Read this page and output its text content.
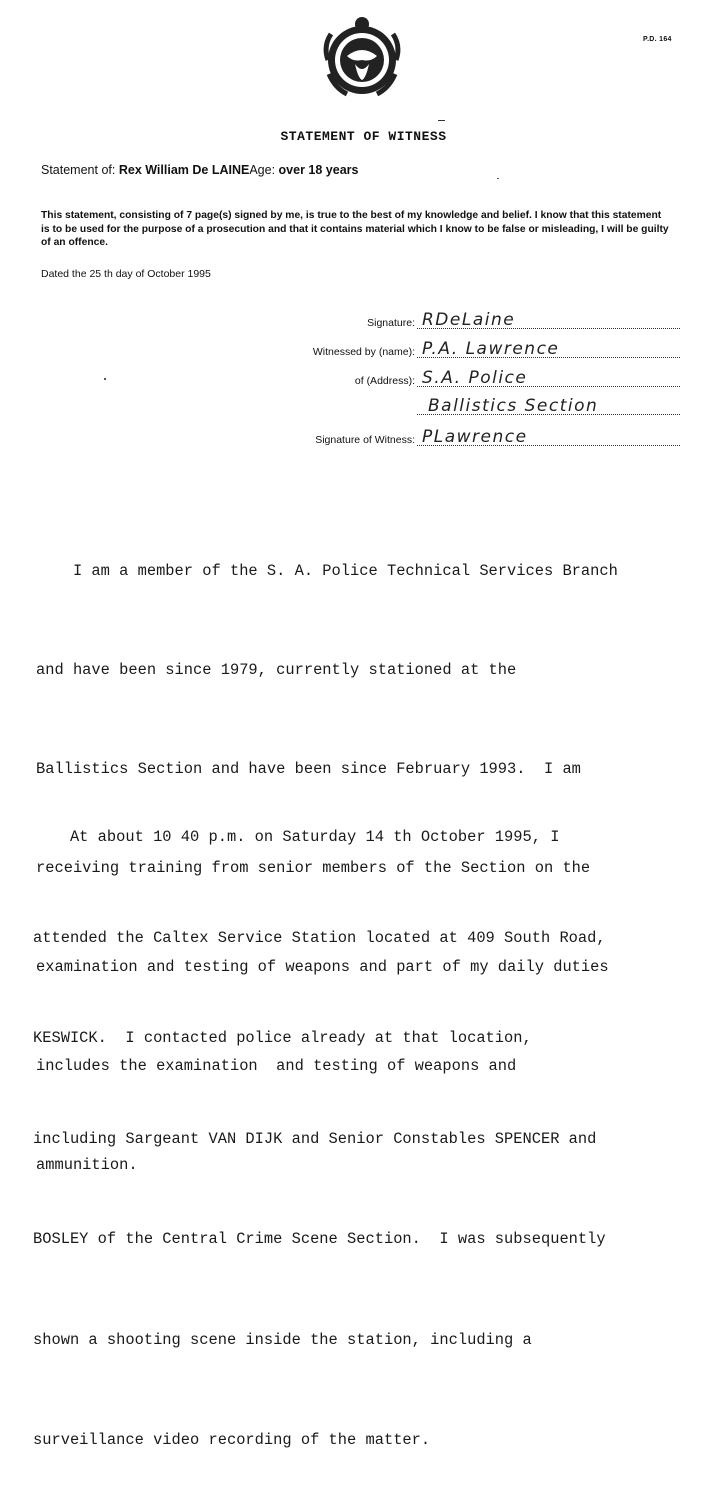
P.D. 164
STATEMENT OF WITNESS
Statement of: Rex William De LAINEAge: over 18 years
This statement, consisting of 7 page(s) signed by me, is true to the best of my knowledge and belief. I know that this statement is to be used for the purpose of a prosecution and that it contains material which I know to be false or misleading, I will be guilty of an offence.
Dated the 25 th day of October 1995
Signature: RDeLaine
Witnessed by (name): P.A. Lawrence
of (Address): S.A. Police
Ballistics Section
Signature of Witness: PLawrence

I am a member of the S. A. Police Technical Services Branch

and have been since 1979, currently stationed at the

Ballistics Section and have been since February 1993.  I am

receiving training from senior members of the Section on the

examination and testing of weapons and part of my daily duties

includes the examination  and testing of weapons and

ammunition.

At about 10 40 p.m. on Saturday 14 th October 1995, I

attended the Caltex Service Station located at 409 South Road,

KESWICK.  I contacted police already at that location,

including Sargeant VAN DIJK and Senior Constables SPENCER and

BOSLEY of the Central Crime Scene Section.  I was subsequently

shown a shooting scene inside the station, including a

surveillance video recording of the matter.
